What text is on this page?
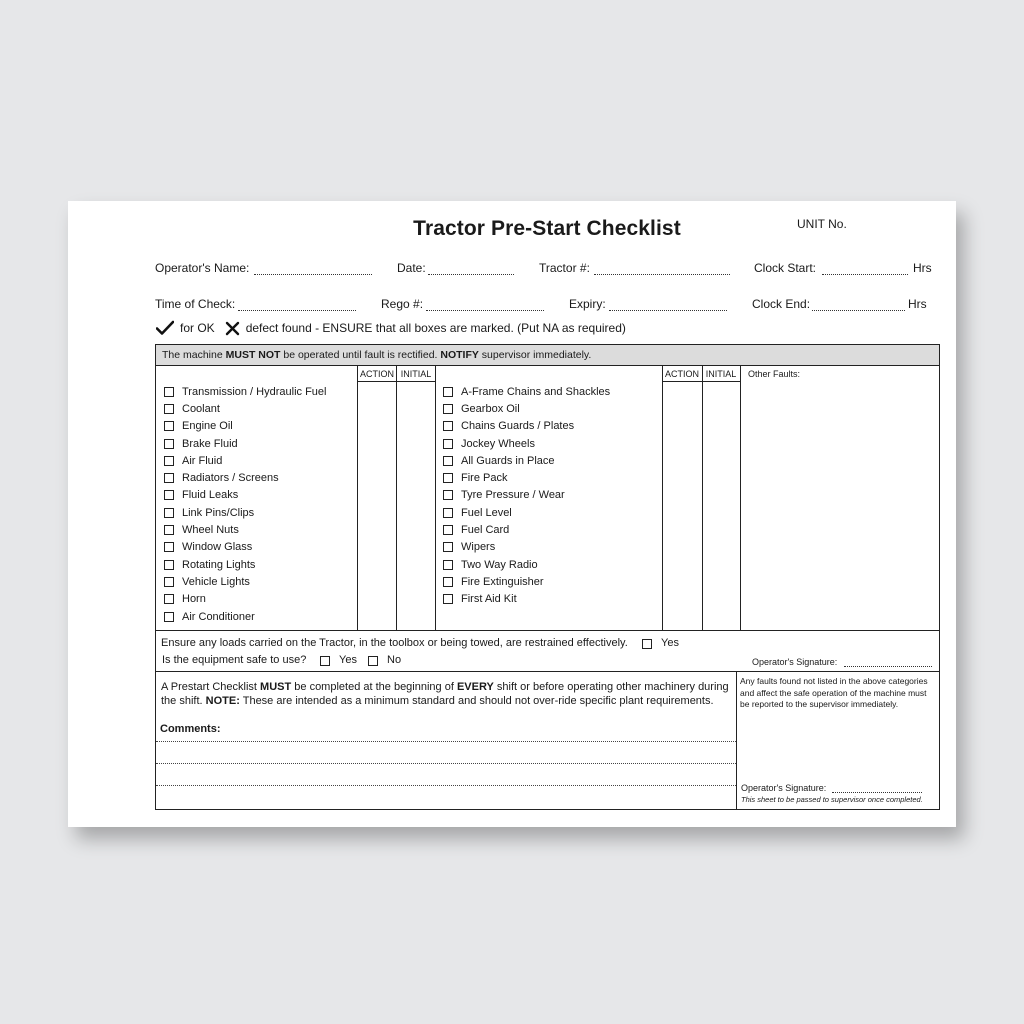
Tractor Pre-Start Checklist	UNIT No.
Operator's Name:	Date:	Tractor #:	Clock Start:	Hrs
Time of Check:	Rego #:	Expiry:	Clock End:	Hrs
for OK	defect found - ENSURE that all boxes are marked. (Put NA as required)
The machine MUST NOT be operated until fault is rectified. NOTIFY supervisor immediately.
ACTION INITIAL	ACTION INITIAL	Other Faults:
Transmission / Hydraulic Fuel
Coolant
Engine Oil
Brake Fluid
Air Fluid
Radiators / Screens
Fluid Leaks
Link Pins/Clips
Wheel Nuts
Window Glass
Rotating Lights
Vehicle Lights
Horn
Air Conditioner
A-Frame Chains and Shackles
Gearbox Oil
Chains Guards / Plates
Jockey Wheels
All Guards in Place
Fire Pack
Tyre Pressure / Wear
Fuel Level
Fuel Card
Wipers
Two Way Radio
Fire Extinguisher
First Aid Kit
Ensure any loads carried on the Tractor, in the toolbox or being towed, are restrained effectively.	Yes
Is the equipment safe to use?	Yes	No	Operator's Signature:
A Prestart Checklist MUST be completed at the beginning of EVERY shift or before operating other machinery during the shift. NOTE: These are intended as a minimum standard and should not over-ride specific plant requirements.
Comments:
Any faults found not listed in the above categories and affect the safe operation of the machine must be reported to the supervisor immediately.
Operator's Signature:
This sheet to be passed to supervisor once completed.
